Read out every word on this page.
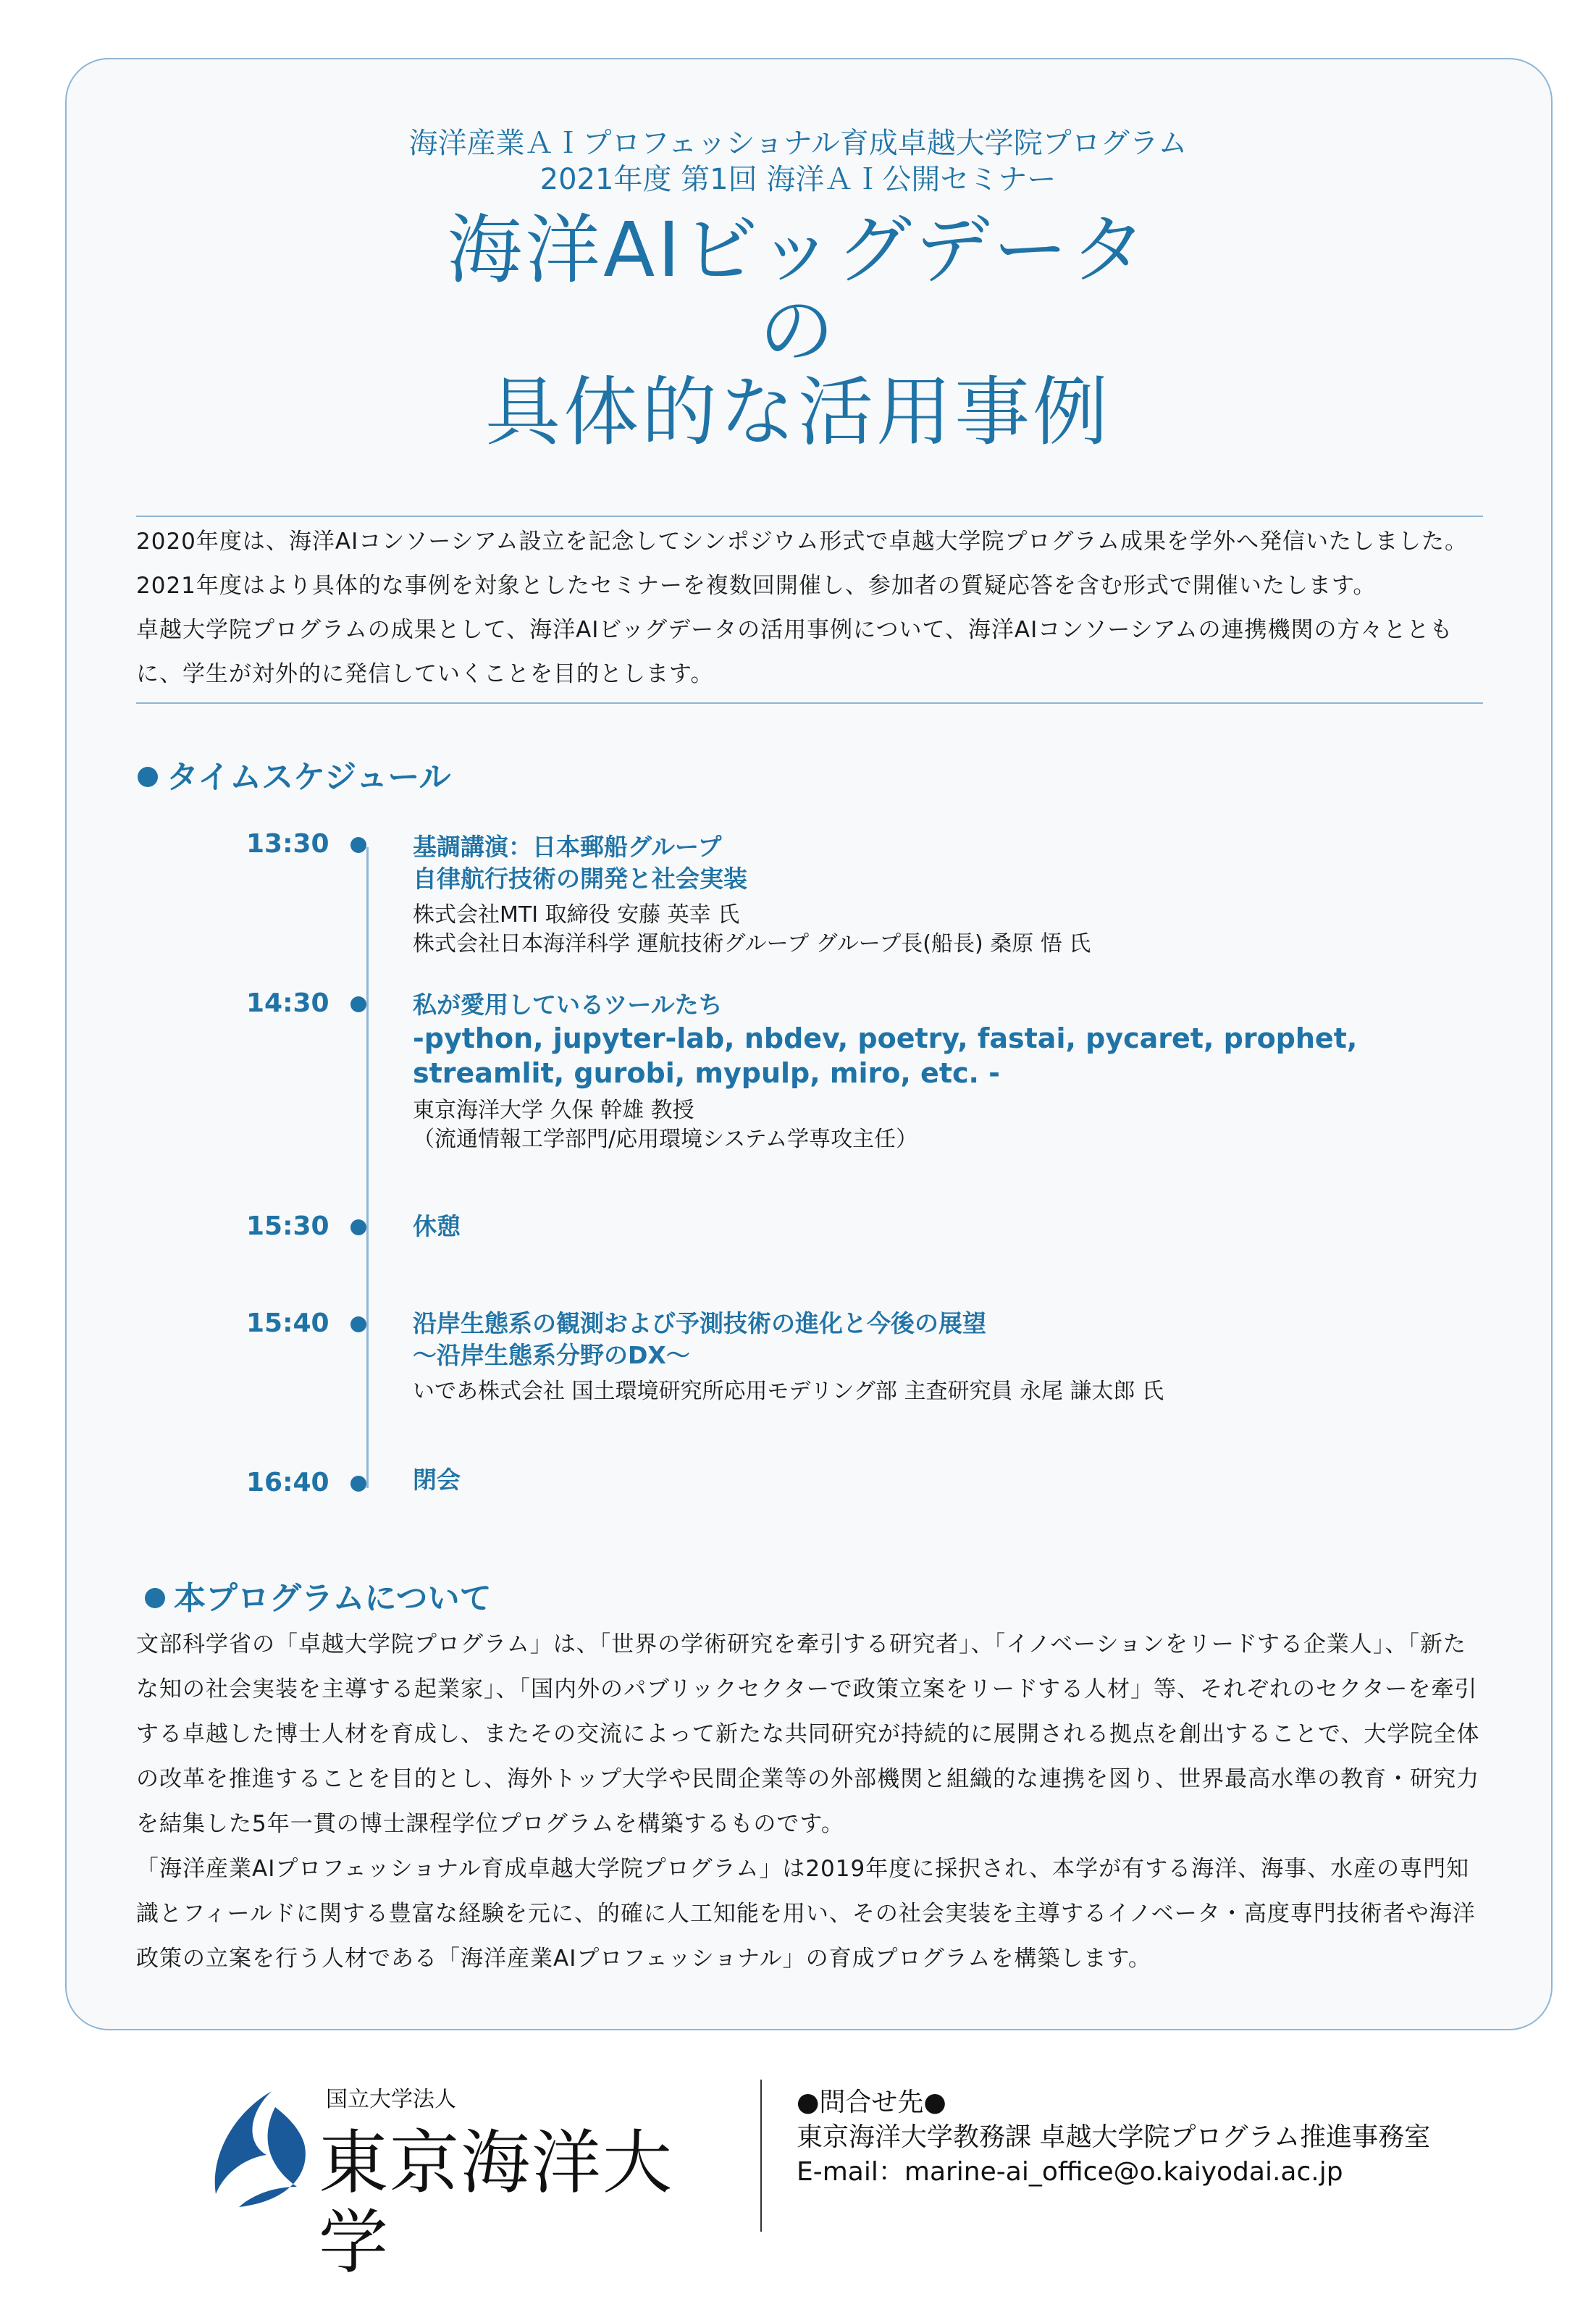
海洋産業ＡＩプロフェッショナル育成卓越大学院プログラム
2021年度 第1回 海洋ＡＩ公開セミナー
海洋AIビッグデータ
の
具体的な活用事例

2020年度は、海洋AIコンソーシアム設立を記念してシンポジウム形式で卓越大学院プログラム成果を学外へ発信いたしました。2021年度はより具体的な事例を対象としたセミナーを複数回開催し、参加者の質疑応答を含む形式で開催いたします。

卓越大学院プログラムの成果として、海洋AIビッグデータの活用事例について、海洋AIコンソーシアムの連携機関の方々とともに、学生が対外的に発信していくことを目的とします。

タイムスケジュール
13:30	基調講演：日本郵船グループ
自律航行技術の開発と社会実装
株式会社MTI 取締役 安藤 英幸 氏
株式会社日本海洋科学 運航技術グループ グループ長(船長) 桑原 悟 氏
14:30	私が愛用しているツールたち
-python, jupyter-lab, nbdev, poetry, fastai, pycaret, prophet, streamlit, gurobi, mypulp, miro, etc. -
東京海洋大学 久保 幹雄 教授
（流通情報工学部門/応用環境システム学専攻主任）
15:30	休憩
15:40	沿岸生態系の観測および予測技術の進化と今後の展望
～沿岸生態系分野のDX～
いであ株式会社 国土環境研究所応用モデリング部 主査研究員 永尾 謙太郎 氏
16:40	閉会
本プログラムについて

文部科学省の「卓越大学院プログラム」は、「世界の学術研究を牽引する研究者」、「イノベーションをリードする企業人」、「新たな知の社会実装を主導する起業家」、「国内外のパブリックセクターで政策立案をリードする人材」等、それぞれのセクターを牽引する卓越した博士人材を育成し、またその交流によって新たな共同研究が持続的に展開される拠点を創出することで、大学院全体の改革を推進することを目的とし、海外トップ大学や民間企業等の外部機関と組織的な連携を図り、世界最高水準の教育・研究力を結集した5年一貫の博士課程学位プログラムを構築するものです。

「海洋産業AIプロフェッショナル育成卓越大学院プログラム」は2019年度に採択され、本学が有する海洋、海事、水産の専門知識とフィールドに関する豊富な経験を元に、的確に人工知能を用い、その社会実装を主導するイノベータ・高度専門技術者や海洋政策の立案を行う人材である「海洋産業AIプロフェッショナル」の育成プログラムを構築します。

国立大学法人
東京海洋大学
●問合せ先●
東京海洋大学教務課 卓越大学院プログラム推進事務室
E-mail：marine-ai_office@o.kaiyodai.ac.jp
